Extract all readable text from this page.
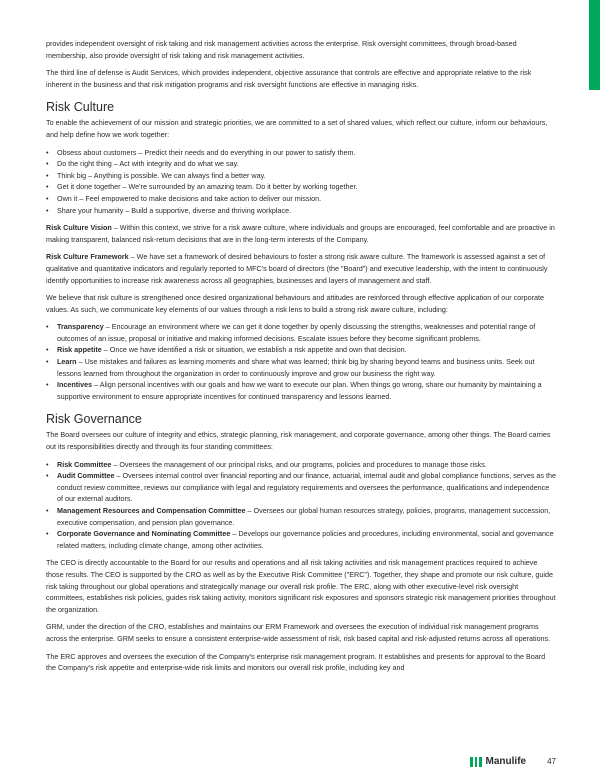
provides independent oversight of risk taking and risk management activities across the enterprise. Risk oversight committees, through broad-based membership, also provide oversight of risk taking and risk management activities.

The third line of defense is Audit Services, which provides independent, objective assurance that controls are effective and appropriate relative to the risk inherent in the business and that risk mitigation programs and risk oversight functions are effective in managing risks.

Risk Culture

To enable the achievement of our mission and strategic priorities, we are committed to a set of shared values, which reflect our culture, inform our behaviours, and help define how we work together:

• Obsess about customers – Predict their needs and do everything in our power to satisfy them.
• Do the right thing – Act with integrity and do what we say.
• Think big – Anything is possible. We can always find a better way.
• Get it done together – We're surrounded by an amazing team. Do it better by working together.
• Own it – Feel empowered to make decisions and take action to deliver our mission.
• Share your humanity – Build a supportive, diverse and thriving workplace.

Risk Culture Vision – Within this context, we strive for a risk aware culture, where individuals and groups are encouraged, feel comfortable and are proactive in making transparent, balanced risk-return decisions that are in the long-term interests of the Company.

Risk Culture Framework – We have set a framework of desired behaviours to foster a strong risk aware culture. The framework is assessed against a set of qualitative and quantitative indicators and regularly reported to MFC's board of directors (the "Board") and executive leadership, with the intent to continuously identify opportunities to increase risk awareness across all geographies, businesses and layers of management and staff.

We believe that risk culture is strengthened once desired organizational behaviours and attitudes are reinforced through effective application of our corporate values. As such, we communicate key elements of our values through a risk lens to build a strong risk aware culture, including:

• Transparency – Encourage an environment where we can get it done together by openly discussing the strengths, weaknesses and potential range of outcomes of an issue, proposal or initiative and making informed decisions. Escalate issues before they become significant problems.
• Risk appetite – Once we have identified a risk or situation, we establish a risk appetite and own that decision.
• Learn – Use mistakes and failures as learning moments and share what was learned; think big by sharing beyond teams and business units. Seek out lessons learned from throughout the organization in order to continuously improve and grow our business the right way.
• Incentives – Align personal incentives with our goals and how we want to execute our plan. When things go wrong, share our humanity by maintaining a supportive environment to ensure appropriate incentives for continued transparency and lessons learned.
Risk Governance

The Board oversees our culture of integrity and ethics, strategic planning, risk management, and corporate governance, among other things. The Board carries out its responsibilities directly and through its four standing committees:

• Risk Committee – Oversees the management of our principal risks, and our programs, policies and procedures to manage those risks.
• Audit Committee – Oversees internal control over financial reporting and our finance, actuarial, internal audit and global compliance functions, serves as the conduct review committee, reviews our compliance with legal and regulatory requirements and oversees the performance, qualifications and independence of our external auditors.
• Management Resources and Compensation Committee – Oversees our global human resources strategy, policies, programs, management succession, executive compensation, and pension plan governance.
• Corporate Governance and Nominating Committee – Develops our governance policies and procedures, including environmental, social and governance related matters, including climate change, among other activities.

The CEO is directly accountable to the Board for our results and operations and all risk taking activities and risk management practices required to achieve those results. The CEO is supported by the CRO as well as by the Executive Risk Committee ("ERC"). Together, they shape and promote our risk culture, guide risk taking throughout our global operations and strategically manage our overall risk profile. The ERC, along with other executive-level risk oversight committees, establishes risk policies, guides risk taking activity, monitors significant risk exposures and sponsors strategic risk management priorities throughout the organization.

GRM, under the direction of the CRO, establishes and maintains our ERM Framework and oversees the execution of individual risk management programs across the enterprise. GRM seeks to ensure a consistent enterprise-wide assessment of risk, risk based capital and risk-adjusted returns across all operations.

The ERC approves and oversees the execution of the Company's enterprise risk management program. It establishes and presents for approval to the Board the Company's risk appetite and enterprise-wide risk limits and monitors our overall risk profile, including key and

Manulife	47
